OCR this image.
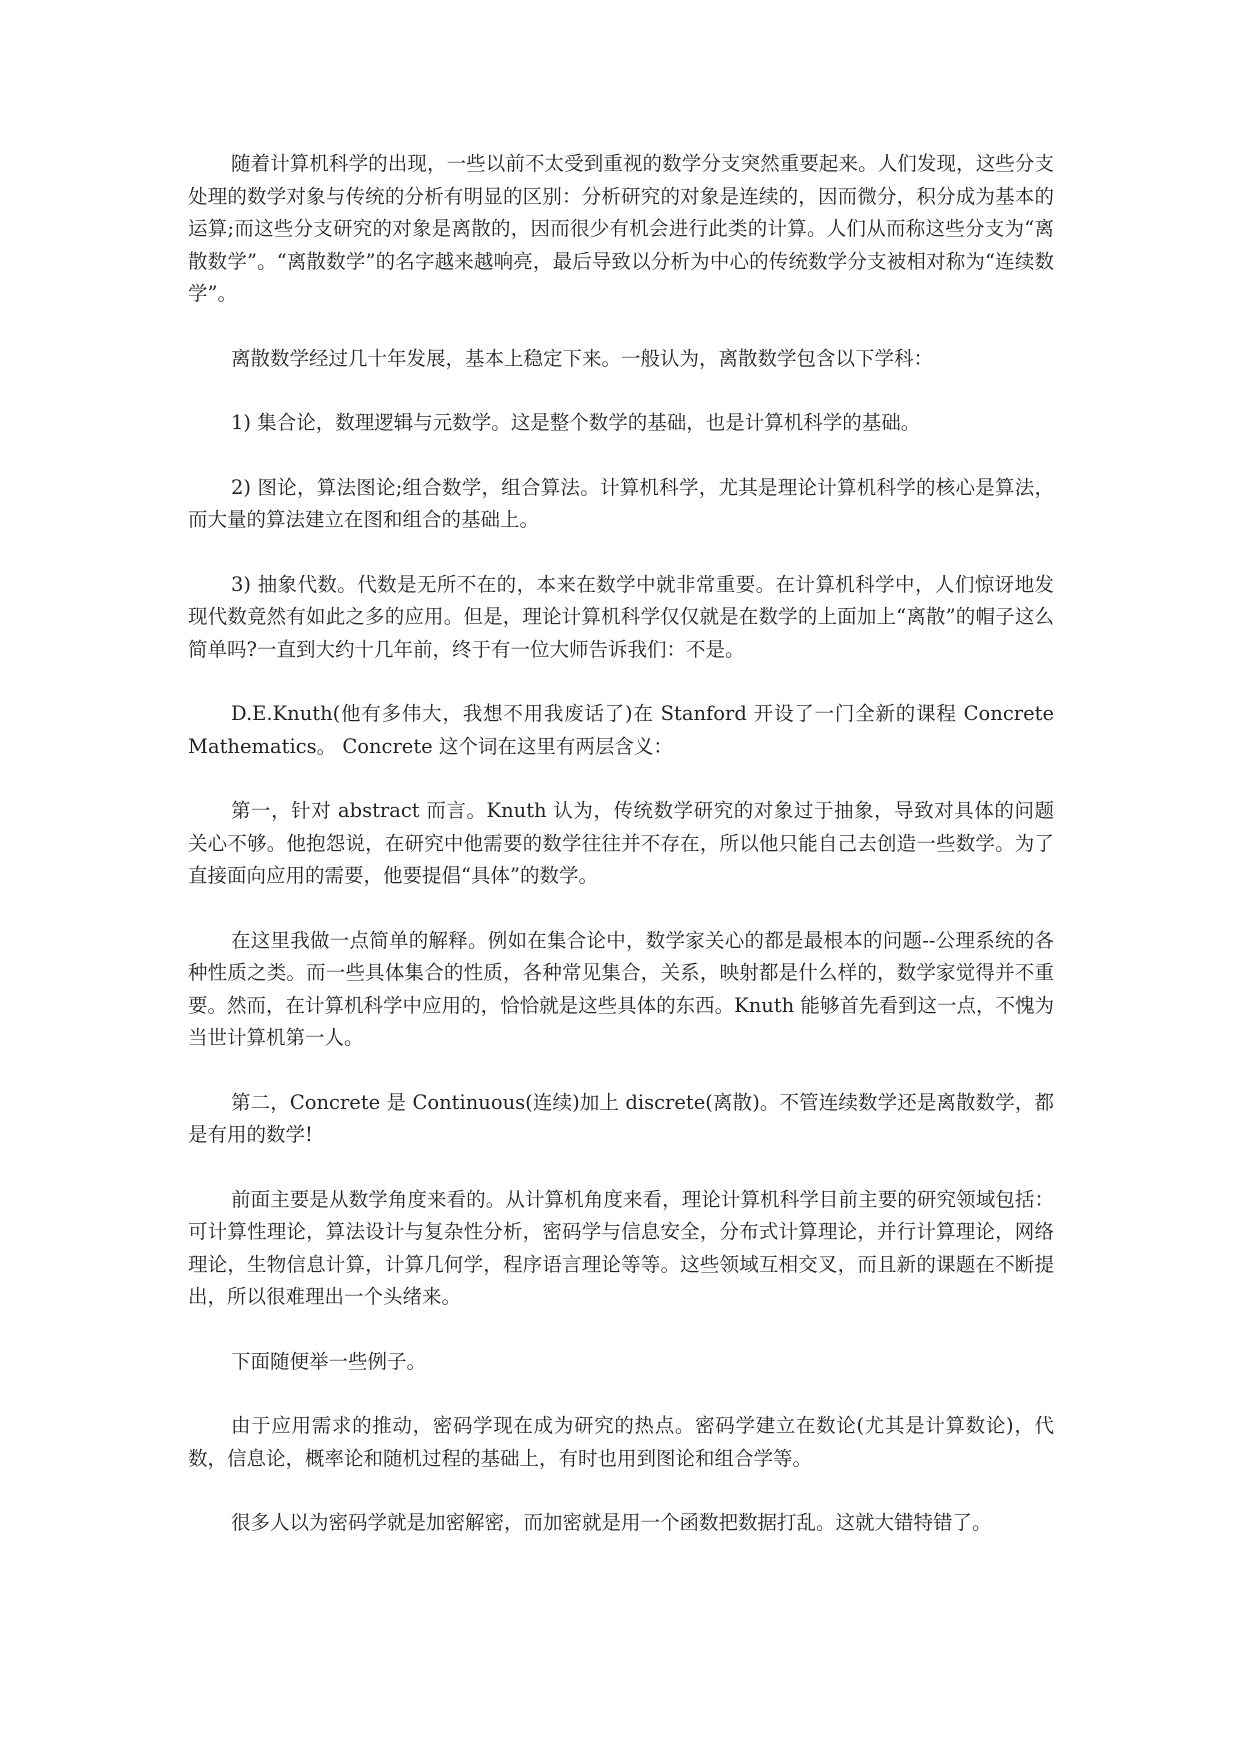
随着计算机科学的出现，一些以前不太受到重视的数学分支突然重要起来。人们发现，这些分支处理的数学对象与传统的分析有明显的区别：分析研究的对象是连续的，因而微分，积分成为基本的运算;而这些分支研究的对象是离散的，因而很少有机会进行此类的计算。人们从而称这些分支为“离散数学”。“离散数学”的名字越来越响亮，最后导致以分析为中心的传统数学分支被相对称为“连续数学”。

离散数学经过几十年发展，基本上稳定下来。一般认为，离散数学包含以下学科：

1) 集合论，数理逻辑与元数学。这是整个数学的基础，也是计算机科学的基础。

2) 图论，算法图论;组合数学，组合算法。计算机科学，尤其是理论计算机科学的核心是算法，而大量的算法建立在图和组合的基础上。

3) 抽象代数。代数是无所不在的，本来在数学中就非常重要。在计算机科学中，人们惊讶地发现代数竟然有如此之多的应用。但是，理论计算机科学仅仅就是在数学的上面加上“离散”的帽子这么简单吗?一直到大约十几年前，终于有一位大师告诉我们：不是。

D.E.Knuth(他有多伟大，我想不用我废话了)在 Stanford 开设了一门全新的课程 Concrete Mathematics。 Concrete 这个词在这里有两层含义：

第一，针对 abstract 而言。Knuth 认为，传统数学研究的对象过于抽象，导致对具体的问题关心不够。他抱怨说，在研究中他需要的数学往往并不存在，所以他只能自己去创造一些数学。为了直接面向应用的需要，他要提倡“具体”的数学。

在这里我做一点简单的解释。例如在集合论中，数学家关心的都是最根本的问题--公理系统的各种性质之类。而一些具体集合的性质，各种常见集合，关系，映射都是什么样的，数学家觉得并不重要。然而，在计算机科学中应用的，恰恰就是这些具体的东西。Knuth 能够首先看到这一点，不愧为当世计算机第一人。

第二，Concrete 是 Continuous(连续)加上 discrete(离散)。不管连续数学还是离散数学，都是有用的数学!

前面主要是从数学角度来看的。从计算机角度来看，理论计算机科学目前主要的研究领域包括：可计算性理论，算法设计与复杂性分析，密码学与信息安全，分布式计算理论，并行计算理论，网络理论，生物信息计算，计算几何学，程序语言理论等等。这些领域互相交叉，而且新的课题在不断提出，所以很难理出一个头绪来。

下面随便举一些例子。

由于应用需求的推动，密码学现在成为研究的热点。密码学建立在数论(尤其是计算数论)，代数，信息论，概率论和随机过程的基础上，有时也用到图论和组合学等。

很多人以为密码学就是加密解密，而加密就是用一个函数把数据打乱。这就大错特错了。
